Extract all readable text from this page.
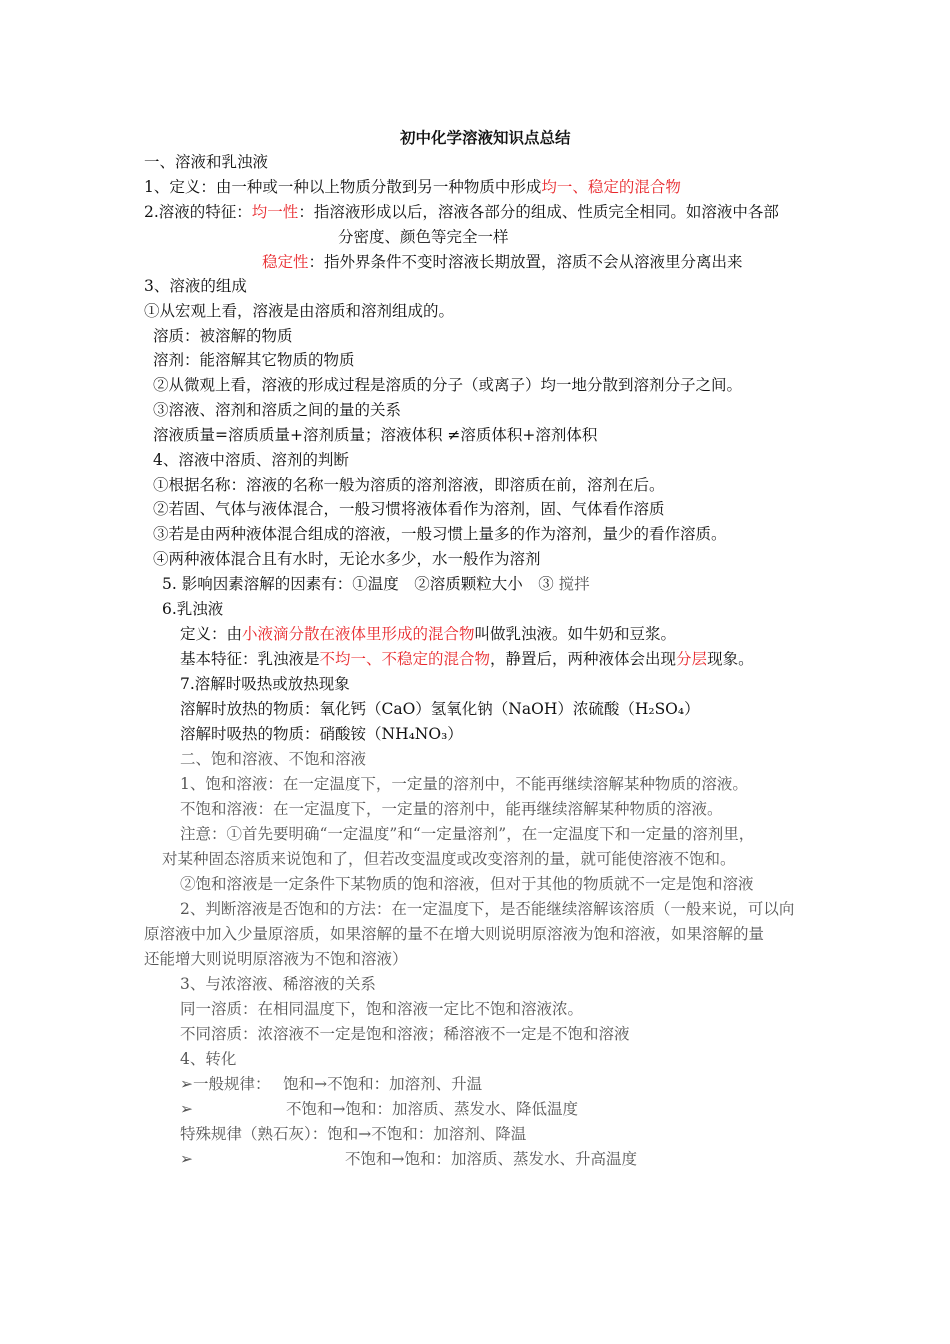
初中化学溶液知识点总结
一、溶液和乳浊液
1、定义：由一种或一种以上物质分散到另一种物质中形成均一、稳定的混合物
2.溶液的特征：均一性：指溶液形成以后，溶液各部分的组成、性质完全相同。如溶液中各部
分密度、颜色等完全一样
稳定性：指外界条件不变时溶液长期放置，溶质不会从溶液里分离出来
3、溶液的组成
①从宏观上看，溶液是由溶质和溶剂组成的。
溶质：被溶解的物质
溶剂：能溶解其它物质的物质
②从微观上看，溶液的形成过程是溶质的分子（或离子）均一地分散到溶剂分子之间。
③溶液、溶剂和溶质之间的量的关系
溶液质量=溶质质量+溶剂质量；溶液体积 ≠溶质体积+溶剂体积
4、溶液中溶质、溶剂的判断
①根据名称：溶液的名称一般为溶质的溶剂溶液，即溶质在前，溶剂在后。
②若固、气体与液体混合，一般习惯将液体看作为溶剂，固、气体看作溶质
③若是由两种液体混合组成的溶液，一般习惯上量多的作为溶剂，量少的看作溶质。
④两种液体混合且有水时，无论水多少，水一般作为溶剂
5. 影响因素溶解的因素有：①温度　②溶质颗粒大小　③ 搅拌
6.乳浊液
定义：由小液滴分散在液体里形成的混合物叫做乳浊液。如牛奶和豆浆。
基本特征：乳浊液是不均一、不稳定的混合物，静置后，两种液体会出现分层现象。
7.溶解时吸热或放热现象
溶解时放热的物质：氧化钙（CaO）氢氧化钠（NaOH）浓硫酸（H₂SO₄）
溶解时吸热的物质：硝酸铵（NH₄NO₃）
二、饱和溶液、不饱和溶液
1、饱和溶液：在一定温度下，一定量的溶剂中，不能再继续溶解某种物质的溶液。
不饱和溶液：在一定温度下，一定量的溶剂中，能再继续溶解某种物质的溶液。
注意：①首先要明确“一定温度”和“一定量溶剂”，在一定温度下和一定量的溶剂里，
对某种固态溶质来说饱和了，但若改变温度或改变溶剂的量，就可能使溶液不饱和。
②饱和溶液是一定条件下某物质的饱和溶液，但对于其他的物质就不一定是饱和溶液
2、判断溶液是否饱和的方法：在一定温度下，是否能继续溶解该溶质（一般来说，可以向
原溶液中加入少量原溶质，如果溶解的量不在增大则说明原溶液为饱和溶液，如果溶解的量
还能增大则说明原溶液为不饱和溶液）
3、与浓溶液、稀溶液的关系
同一溶质：在相同温度下，饱和溶液一定比不饱和溶液浓。
不同溶质：浓溶液不一定是饱和溶液；稀溶液不一定是不饱和溶液
4、转化
➢一般规律：　 饱和→不饱和：加溶剂、升温
➢	不饱和→饱和：加溶质、蒸发水、降低温度
特殊规律（熟石灰）：饱和→不饱和：加溶剂、降温
➢	不饱和→饱和：加溶质、蒸发水、升高温度
